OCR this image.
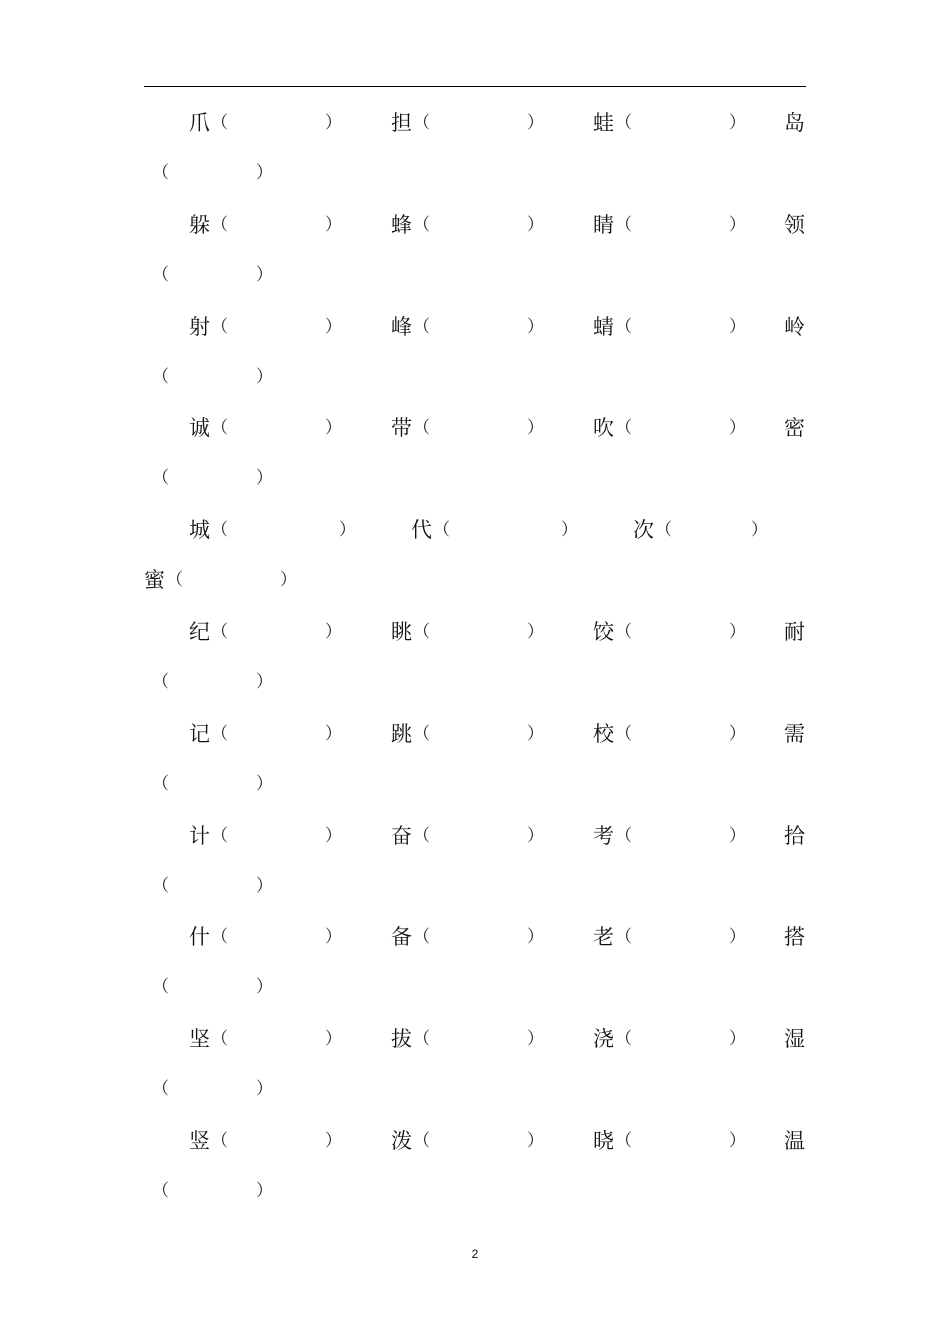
爪 （	） 担 （	） 蛙 （	） 岛
（	）
躲 （	） 蜂 （	） 睛 （	） 领
（	）
射 （	） 峰 （	） 蜻 （	） 岭
（	）
诚 （	） 带 （	） 吹 （	） 密
（	）
城 （	）	代 （	）	次 （	）
蜜 （	）
纪 （	） 眺 （	） 饺 （	） 耐
（	）
记 （	） 跳 （	） 校 （	） 需
（	）
计 （	） 奋 （	） 考 （	） 拾
（	）
什 （	） 备 （	） 老 （	） 搭
（	）
坚 （	） 拔 （	） 浇 （	） 湿
（	）
竖 （	） 泼 （	） 晓 （	） 温
（	）
2
